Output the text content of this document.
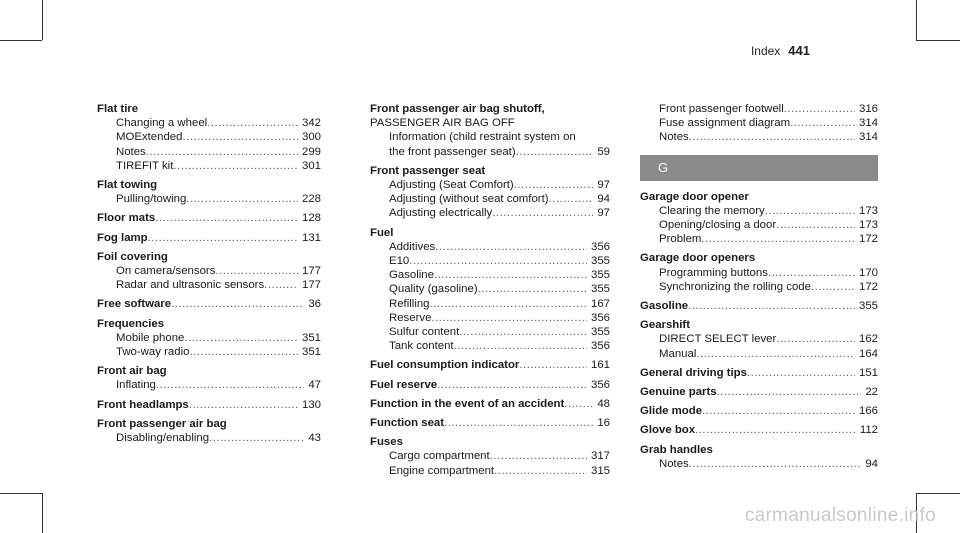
Index 441
Flat tire
Changing a wheel .....	342
MOExtended .....	300
Notes .....	299
TIREFIT kit .....	301
Flat towing
Pulling/towing .....	228
Floor mats .....	128
Fog lamp .....	131
Foil covering
On camera/sensors .....	177
Radar and ultrasonic sensors .....	177
Free software .....	36
Frequencies
Mobile phone .....	351
Two-way radio .....	351
Front air bag
Inflating .....	47
Front headlamps .....	130
Front passenger air bag
Disabling/enabling .....	43
Front passenger air bag shutoff,
PASSENGER AIR BAG OFF
Information (child restraint system on
the front passenger seat) .....	59
Front passenger seat
Adjusting (Seat Comfort) .....	97
Adjusting (without seat comfort) .....	94
Adjusting electrically .....	97
Fuel
Additives .....	356
E10 .....	355
Gasoline .....	355
Quality (gasoline) .....	355
Refilling .....	167
Reserve .....	356
Sulfur content .....	355
Tank content .....	356
Fuel consumption indicator .....	161
Fuel reserve .....	356
Function in the event of an accident .....	48
Function seat .....	16
Fuses
Cargo compartment .....	317
Engine compartment .....	315
Front passenger footwell .....	316
Fuse assignment diagram .....	314
Notes .....	314
G
Garage door opener
Clearing the memory .....	173
Opening/closing a door .....	173
Problem .....	172
Garage door openers
Programming buttons .....	170
Synchronizing the rolling code .....	172
Gasoline .....	355
Gearshift
DIRECT SELECT lever .....	162
Manual .....	164
General driving tips .....	151
Genuine parts .....	22
Glide mode .....	166
Glove box .....	112
Grab handles
Notes .....	94
carmanualsonline.info
